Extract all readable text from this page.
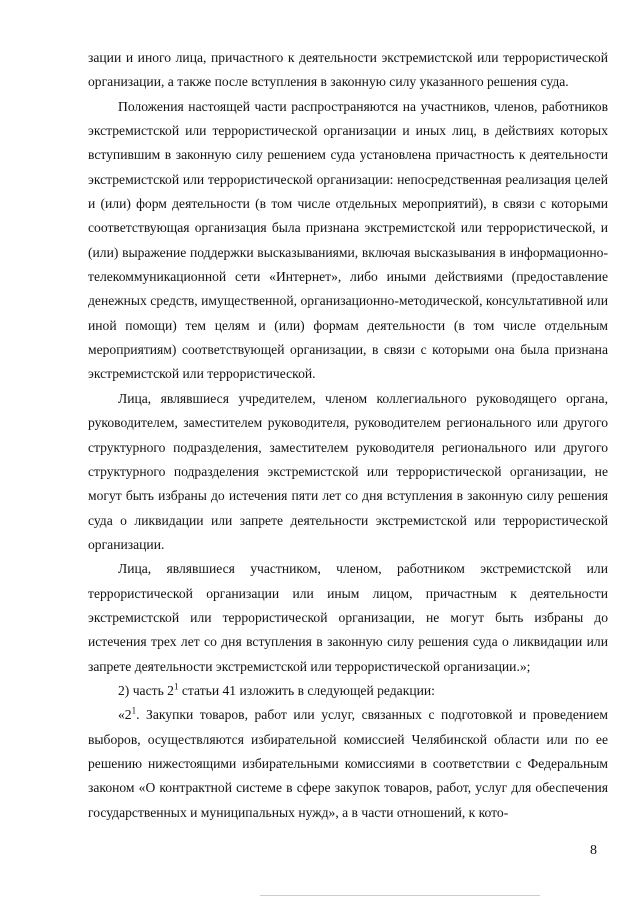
зации и иного лица, причастного к деятельности экстремистской или террористической организации, а также после вступления в законную силу указанного решения суда.

Положения настоящей части распространяются на участников, членов, работников экстремистской или террористической организации и иных лиц, в действиях которых вступившим в законную силу решением суда установлена причастность к деятельности экстремистской или террористической организации: непосредственная реализация целей и (или) форм деятельности (в том числе отдельных мероприятий), в связи с которыми соответствующая организация была признана экстремистской или террористической, и (или) выражение поддержки высказываниями, включая высказывания в информационно-телекоммуникационной сети «Интернет», либо иными действиями (предоставление денежных средств, имущественной, организационно-методической, консультативной или иной помощи) тем целям и (или) формам деятельности (в том числе отдельным мероприятиям) соответствующей организации, в связи с которыми она была признана экстремистской или террористической.

Лица, являвшиеся учредителем, членом коллегиального руководящего органа, руководителем, заместителем руководителя, руководителем регионального или другого структурного подразделения, заместителем руководителя регионального или другого структурного подразделения экстремистской или террористической организации, не могут быть избраны до истечения пяти лет со дня вступления в законную силу решения суда о ликвидации или запрете деятельности экстремистской или террористической организации.

Лица, являвшиеся участником, членом, работником экстремистской или террористической организации или иным лицом, причастным к деятельности экстремистской или террористической организации, не могут быть избраны до истечения трех лет со дня вступления в законную силу решения суда о ликвидации или запрете деятельности экстремистской или террористической организации.»;

2) часть $2^1$ статьи 41 изложить в следующей редакции:

«$2^1$. Закупки товаров, работ или услуг, связанных с подготовкой и проведением выборов, осуществляются избирательной комиссией Челябинской области или по ее решению нижестоящими избирательными комиссиями в соответствии с Федеральным законом «О контрактной системе в сфере закупок товаров, работ, услуг для обеспечения государственных и муниципальных нужд», а в части отношений, к кото-

8
